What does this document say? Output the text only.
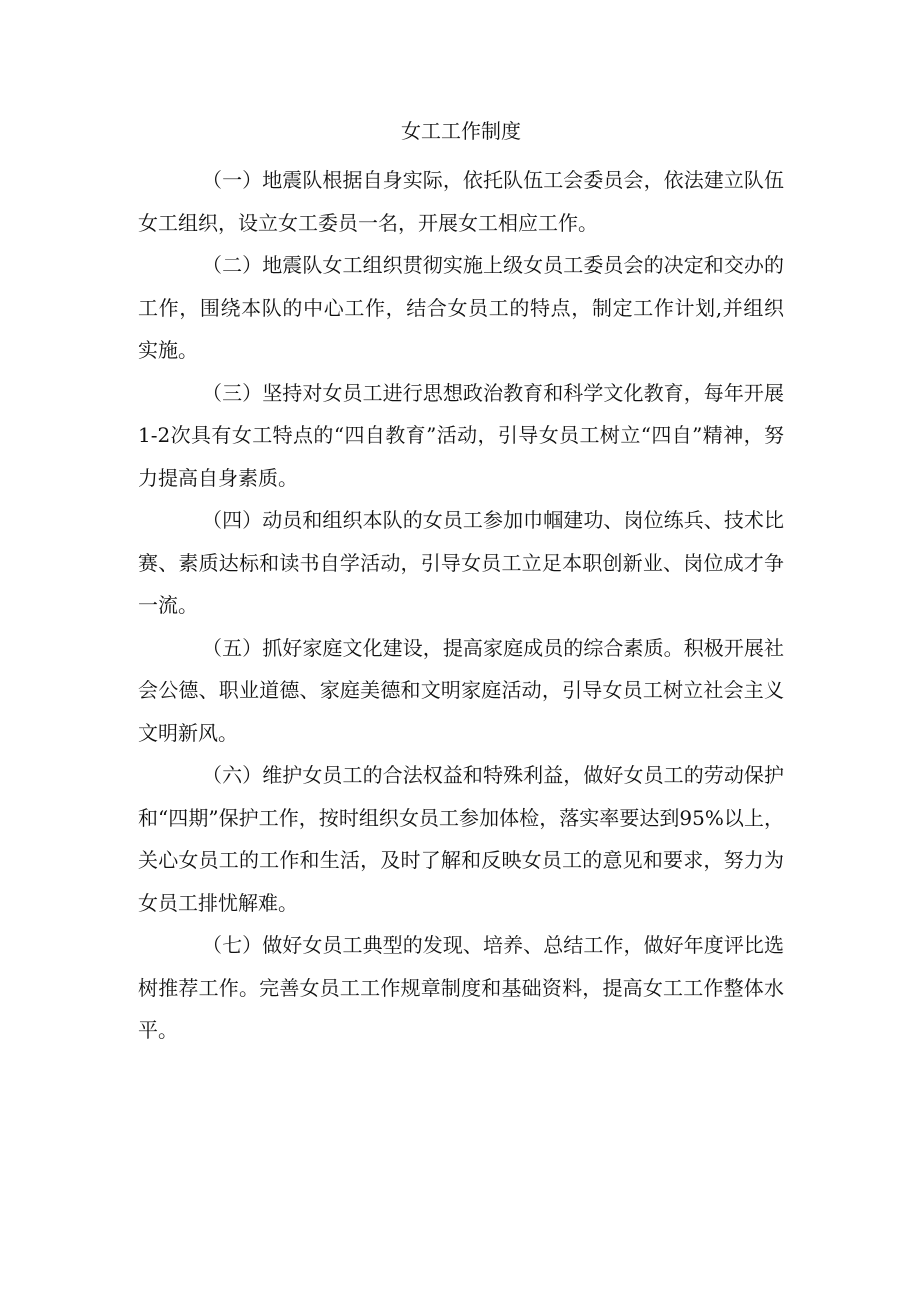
女工工作制度

（一）地震队根据自身实际，依托队伍工会委员会，依法建立队伍女工组织，设立女工委员一名，开展女工相应工作。

（二）地震队女工组织贯彻实施上级女员工委员会的决定和交办的工作，围绕本队的中心工作，结合女员工的特点，制定工作计划,并组织实施。

（三）坚持对女员工进行思想政治教育和科学文化教育，每年开展1-2次具有女工特点的“四自教育”活动，引导女员工树立“四自”精神，努力提高自身素质。

（四）动员和组织本队的女员工参加巾帼建功、岗位练兵、技术比赛、素质达标和读书自学活动，引导女员工立足本职创新业、岗位成才争一流。

（五）抓好家庭文化建设，提高家庭成员的综合素质。积极开展社会公德、职业道德、家庭美德和文明家庭活动，引导女员工树立社会主义文明新风。

（六）维护女员工的合法权益和特殊利益，做好女员工的劳动保护和“四期”保护工作，按时组织女员工参加体检，落实率要达到95%以上，关心女员工的工作和生活，及时了解和反映女员工的意见和要求，努力为女员工排忧解难。

（七）做好女员工典型的发现、培养、总结工作，做好年度评比选树推荐工作。完善女员工工作规章制度和基础资料，提高女工工作整体水平。
